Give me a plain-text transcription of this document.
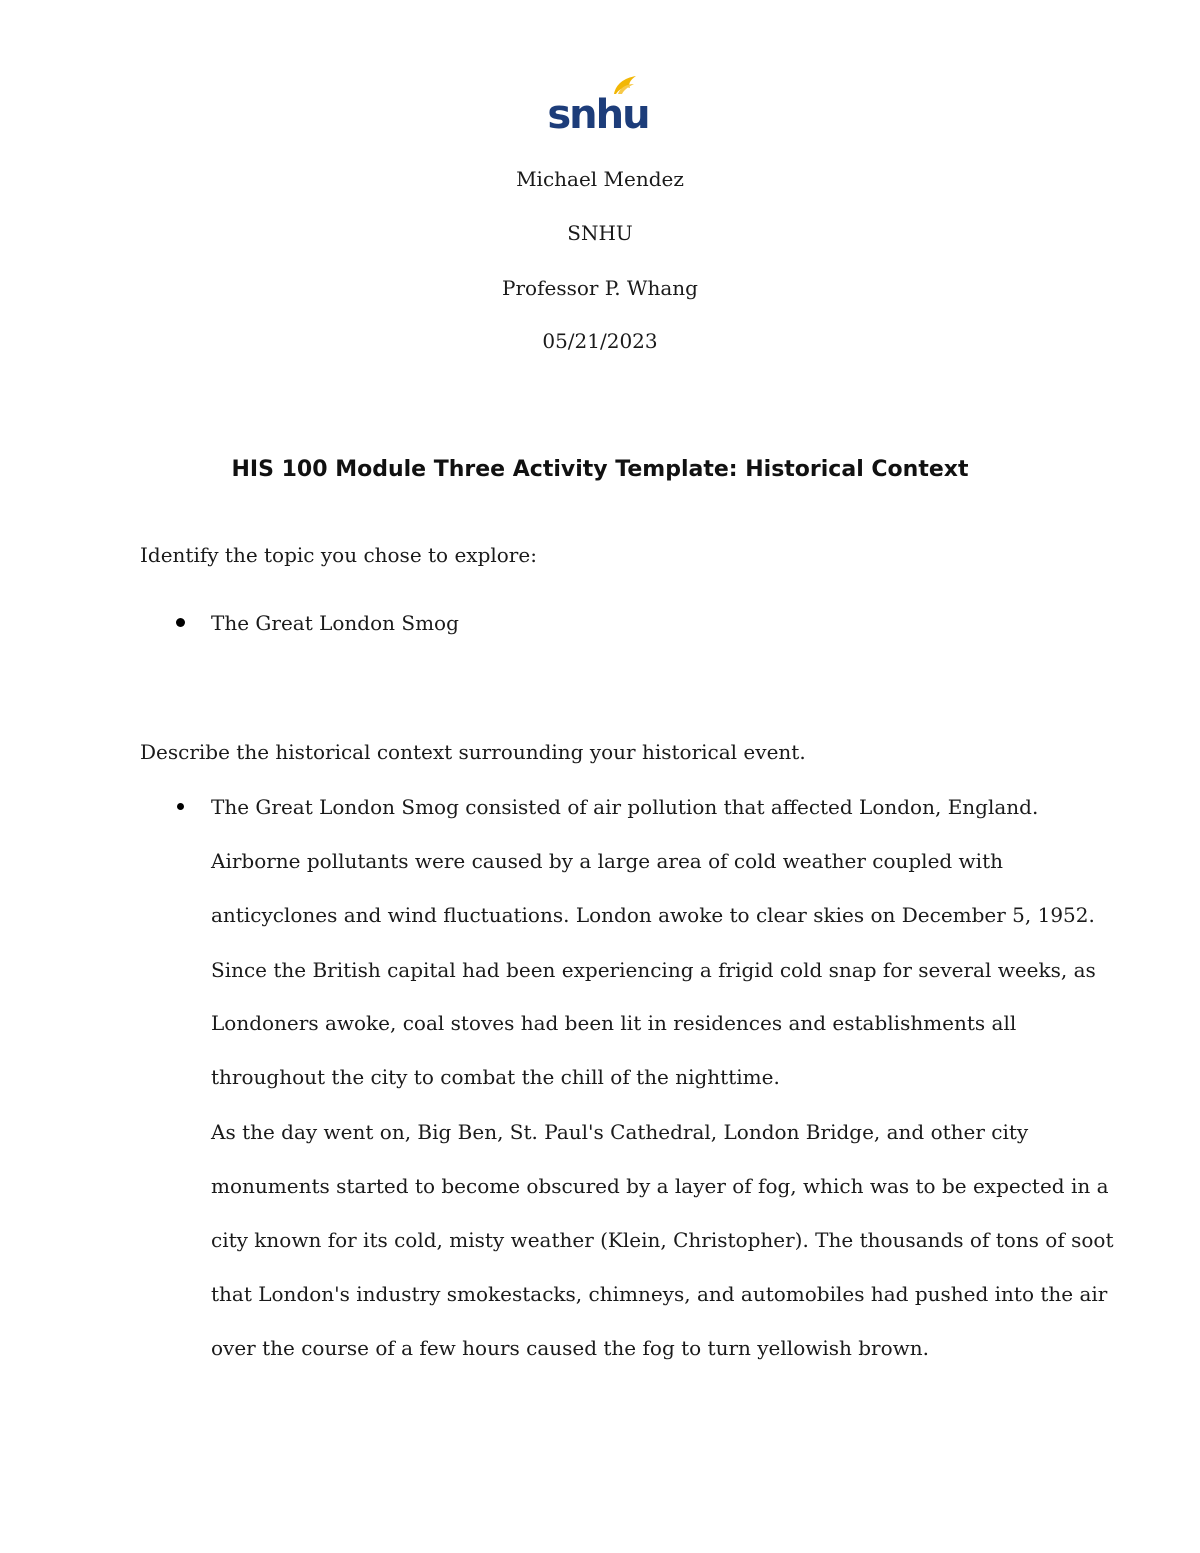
snhu
Michael Mendez
SNHU
Professor P. Whang
05/21/2023
HIS 100 Module Three Activity Template: Historical Context
Identify the topic you chose to explore:
The Great London Smog
Describe the historical context surrounding your historical event.
The Great London Smog consisted of air pollution that affected London, England.
Airborne pollutants were caused by a large area of cold weather coupled with
anticyclones and wind fluctuations. London awoke to clear skies on December 5, 1952.
Since the British capital had been experiencing a frigid cold snap for several weeks, as
Londoners awoke, coal stoves had been lit in residences and establishments all
throughout the city to combat the chill of the nighttime.
As the day went on, Big Ben, St. Paul's Cathedral, London Bridge, and other city
monuments started to become obscured by a layer of fog, which was to be expected in a
city known for its cold, misty weather (Klein, Christopher). The thousands of tons of soot
that London's industry smokestacks, chimneys, and automobiles had pushed into the air
over the course of a few hours caused the fog to turn yellowish brown.
